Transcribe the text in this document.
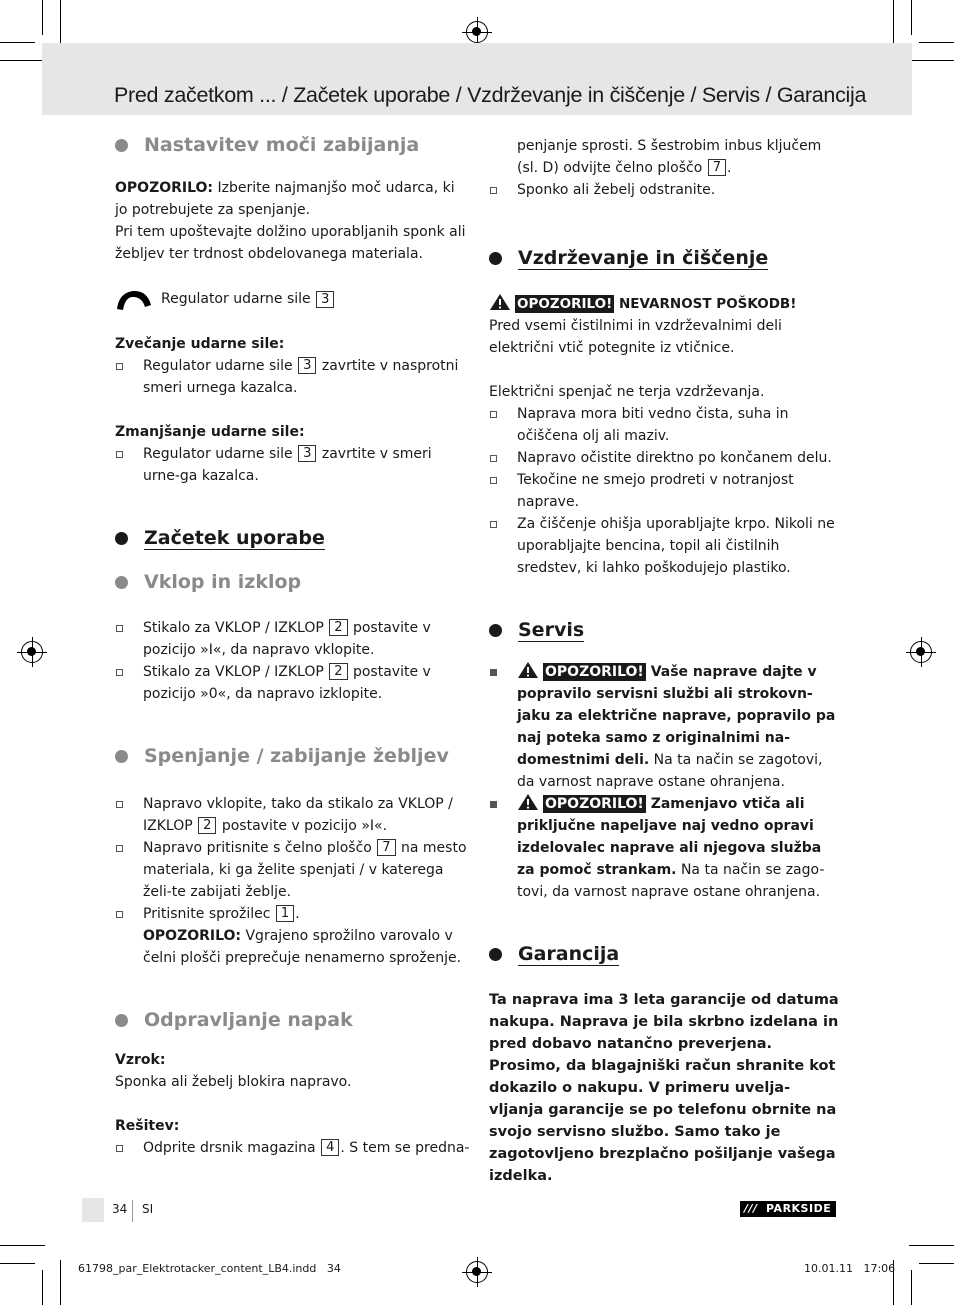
Pred začetkom ... / Začetek uporabe / Vzdrževanje in čiščenje / Servis / Garancija
Nastavitev moči zabijanja
OPOZORILO: Izberite najmanjšo moč udarca, ki jo potrebujete za spenjanje.
Pri tem upoštevajte dolžino uporabljanih sponk ali žebljev ter trdnost obdelovanega materiala.
Regulator udarne sile
3
Zvečanje udarne sile:
Regulator udarne sile 3 zavrtite v nasprotni smeri urnega kazalca.
Zmanjšanje udarne sile:
Regulator udarne sile 3 zavrtite v smeri urne-ga kazalca.
Začetek uporabe
Vklop in izklop
Stikalo za VKLOP / IZKLOP 2 postavite v pozicijo »I«, da napravo vklopite.
Stikalo za VKLOP / IZKLOP 2 postavite v pozicijo »0«, da napravo izklopite.
Spenjanje / zabijanje žebljev
Napravo vklopite, tako da stikalo za VKLOP / IZKLOP 2 postavite v pozicijo »I«.
Napravo pritisnite s čelno ploščo 7 na mesto materiala, ki ga želite spenjati / v katerega želi-te zabijati žeblje.
Pritisnite sprožilec 1 .
OPOZORILO: Vgrajeno sprožilno varovalo v čelni plošči preprečuje nenamerno sproženje.
Odpravljanje napak
Vzrok:
Sponka ali žebelj blokira napravo.
Rešitev:
Odprite drsnik magazina 4 . S tem se predna-
penjanje sprosti. S šestrobim inbus ključem (sl. D) odvijte čelno ploščo 7 .
Sponko ali žebelj odstranite.
Vzdrževanje in čiščenje
OPOZORILO! NEVARNOST POŠKODB!
Pred vsemi čistilnimi in vzdrževalnimi deli električni vtič potegnite iz vtičnice.
Električni spenjač ne terja vzdrževanja.
Naprava mora biti vedno čista, suha in očiščena olj ali maziv.
Napravo očistite direktno po končanem delu.
Tekočine ne smejo prodreti v notranjost naprave.
Za čiščenje ohišja uporabljajte krpo. Nikoli ne uporabljajte bencina, topil ali čistilnih sredstev, ki lahko poškodujejo plastiko.
Servis
OPOZORILO! Vaše naprave dajte v popravilo servisni službi ali strokovn-jaku za električne naprave, popravilo pa naj poteka samo z originalnimi na-domestnimi deli. Na ta način se zagotovi, da varnost naprave ostane ohranjena.
OPOZORILO! Zamenjavo vtiča ali priključne napeljave naj vedno opravi izdelovalec naprave ali njegova služba za pomoč strankam. Na ta način se zago-tovi, da varnost naprave ostane ohranjena.
Garancija
Ta naprava ima 3 leta garancije od datuma nakupa. Naprava je bila skrbno izdelana in pred dobavo natančno preverjena. Prosimo, da blagajniški račun shranite kot dokazilo o nakupu. V primeru uvelja-vljanja garancije se po telefonu obrnite na svojo servisno službo. Samo tako je zagotovljeno brezplačno pošiljanje vašega izdelka.
34 SI	/// PARKSIDE
61798_par_Elektrotacker_content_LB4.indd   34	10.01.11   17:06
